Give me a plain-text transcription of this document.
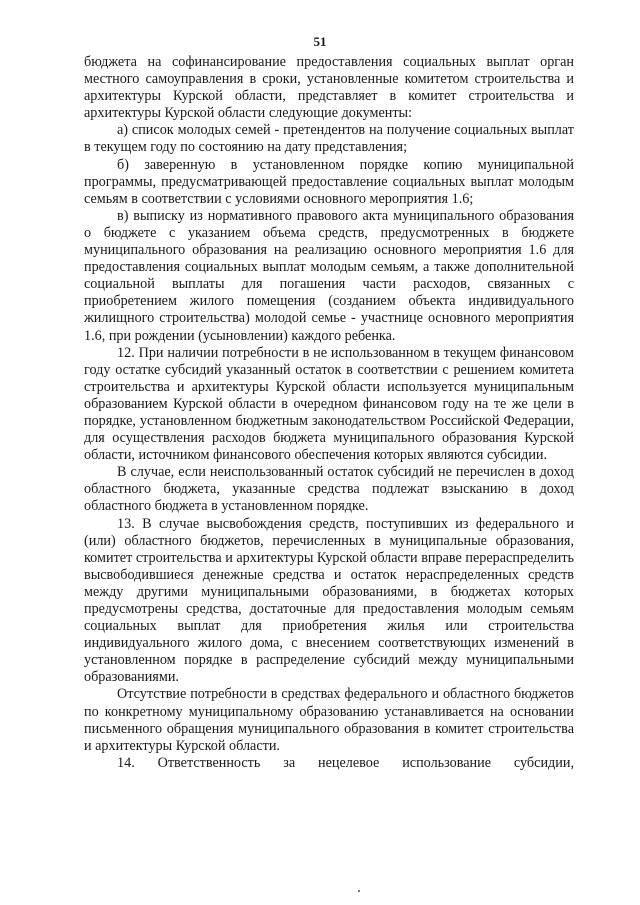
51

бюджета на софинансирование предоставления социальных выплат орган местного самоуправления в сроки, установленные комитетом строительства и архитектуры Курской области, представляет в комитет строительства и архитектуры Курской области следующие документы:

а) список молодых семей - претендентов на получение социальных выплат в текущем году по состоянию на дату представления;

б) заверенную в установленном порядке копию муниципальной программы, предусматривающей предоставление социальных выплат молодым семьям в соответствии с условиями основного мероприятия 1.6;

в) выписку из нормативного правового акта муниципального образования о бюджете с указанием объема средств, предусмотренных в бюджете муниципального образования на реализацию основного мероприятия 1.6 для предоставления социальных выплат молодым семьям, а также дополнительной социальной выплаты для погашения части расходов, связанных с приобретением жилого помещения (созданием объекта индивидуального жилищного строительства) молодой семье - участнице основного мероприятия 1.6, при рождении (усыновлении) каждого ребенка.

12. При наличии потребности в не использованном в текущем финансовом году остатке субсидий указанный остаток в соответствии с решением комитета строительства и архитектуры Курской области используется муниципальным образованием Курской области в очередном финансовом году на те же цели в порядке, установленном бюджетным законодательством Российской Федерации, для осуществления расходов бюджета муниципального образования Курской области, источником финансового обеспечения которых являются субсидии.

В случае, если неиспользованный остаток субсидий не перечислен в доход областного бюджета, указанные средства подлежат взысканию в доход областного бюджета в установленном порядке.

13. В случае высвобождения средств, поступивших из федерального и (или) областного бюджетов, перечисленных в муниципальные образования, комитет строительства и архитектуры Курской области вправе перераспределить высвободившиеся денежные средства и остаток нераспределенных средств между другими муниципальными образованиями, в бюджетах которых предусмотрены средства, достаточные для предоставления молодым семьям социальных выплат для приобретения жилья или строительства индивидуального жилого дома, с внесением соответствующих изменений в установленном порядке в распределение субсидий между муниципальными образованиями.

Отсутствие потребности в средствах федерального и областного бюджетов по конкретному муниципальному образованию устанавливается на основании письменного обращения муниципального образования в комитет строительства и архитектуры Курской области.

14. Ответственность за нецелевое использование субсидии,
